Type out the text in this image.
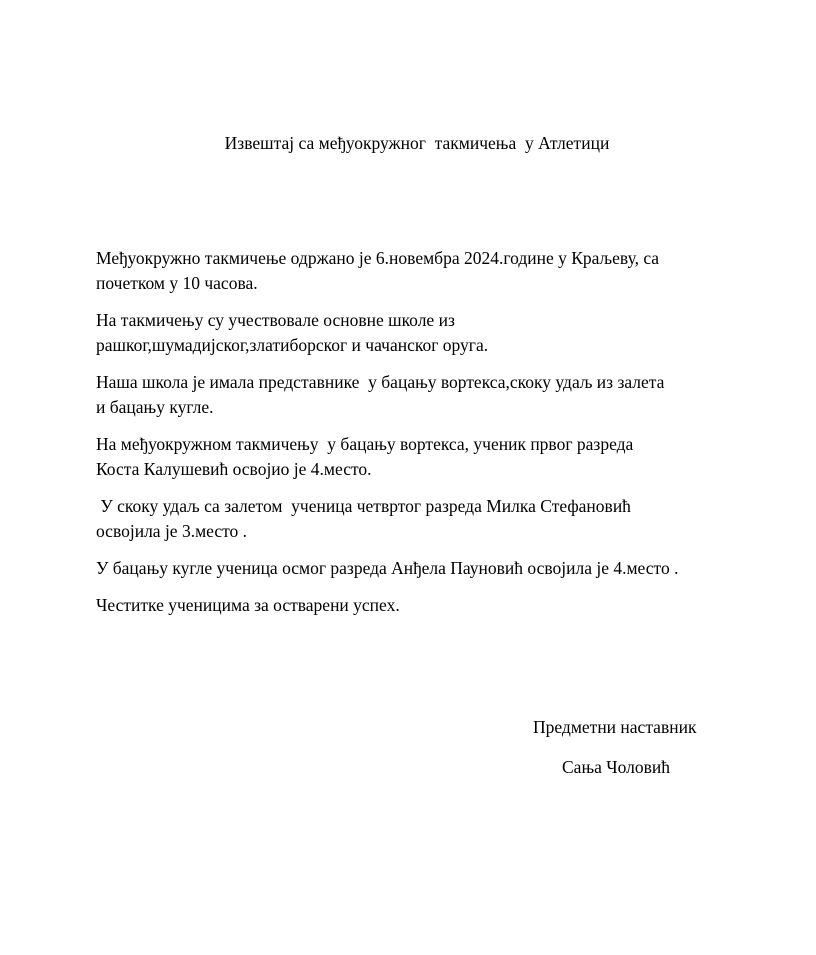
Извештај са међуокружног  такмичења  у Атлетици

Међуокружно такмичење одржано је 6.новембра 2024.године у Краљеву, са
почетком у 10 часова.

На такмичењу су учествовале основне школе из
рашког,шумадијског,златиборског и чачанског оруга.

Наша школа је имала представнике  у бацању вортекса,скоку удаљ из залета
и бацању кугле.

На међуокружном такмичењу  у бацању вортекса, ученик првог разреда
Коста Калушевић освојио је 4.место.

У скоку удаљ са залетом  ученица четвртог разреда Милка Стефановић
освојила је 3.место .

У бацању кугле ученица осмог разреда Анђела Пауновић освојила је 4.место .

Честитке ученицима за остварени успех.

Предметни наставник

Сања Чоловић
